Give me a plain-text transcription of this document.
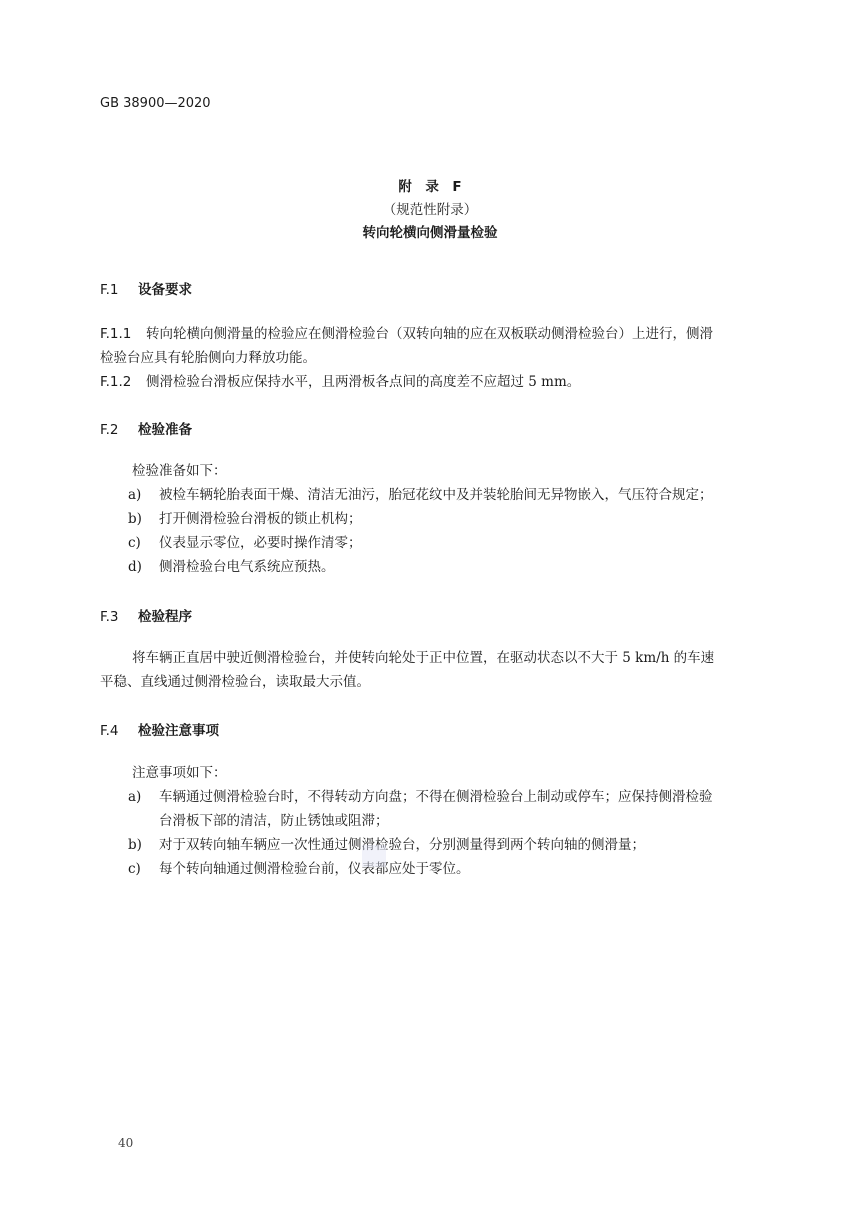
GB 38900—2020
附　录　F
（规范性附录）
转向轮横向侧滑量检验
F.1 设备要求
F.1.1 转向轮横向侧滑量的检验应在侧滑检验台（双转向轴的应在双板联动侧滑检验台）上进行，侧滑
检验台应具有轮胎侧向力释放功能。
F.1.2 侧滑检验台滑板应保持水平，且两滑板各点间的高度差不应超过 5 mm。
F.2 检验准备
检验准备如下：
a) 被检车辆轮胎表面干燥、清洁无油污，胎冠花纹中及并装轮胎间无异物嵌入，气压符合规定；
b) 打开侧滑检验台滑板的锁止机构；
c) 仪表显示零位，必要时操作清零；
d) 侧滑检验台电气系统应预热。
F.3 检验程序
将车辆正直居中驶近侧滑检验台，并使转向轮处于正中位置，在驱动状态以不大于 5 km/h 的车速
平稳、直线通过侧滑检验台，读取最大示值。
F.4 检验注意事项
注意事项如下：
a) 车辆通过侧滑检验台时，不得转动方向盘；不得在侧滑检验台上制动或停车；应保持侧滑检验
台滑板下部的清洁，防止锈蚀或阻滞；
b) 对于双转向轴车辆应一次性通过侧滑检验台，分别测量得到两个转向轴的侧滑量；
c) 每个转向轴通过侧滑检验台前，仪表都应处于零位。
40
